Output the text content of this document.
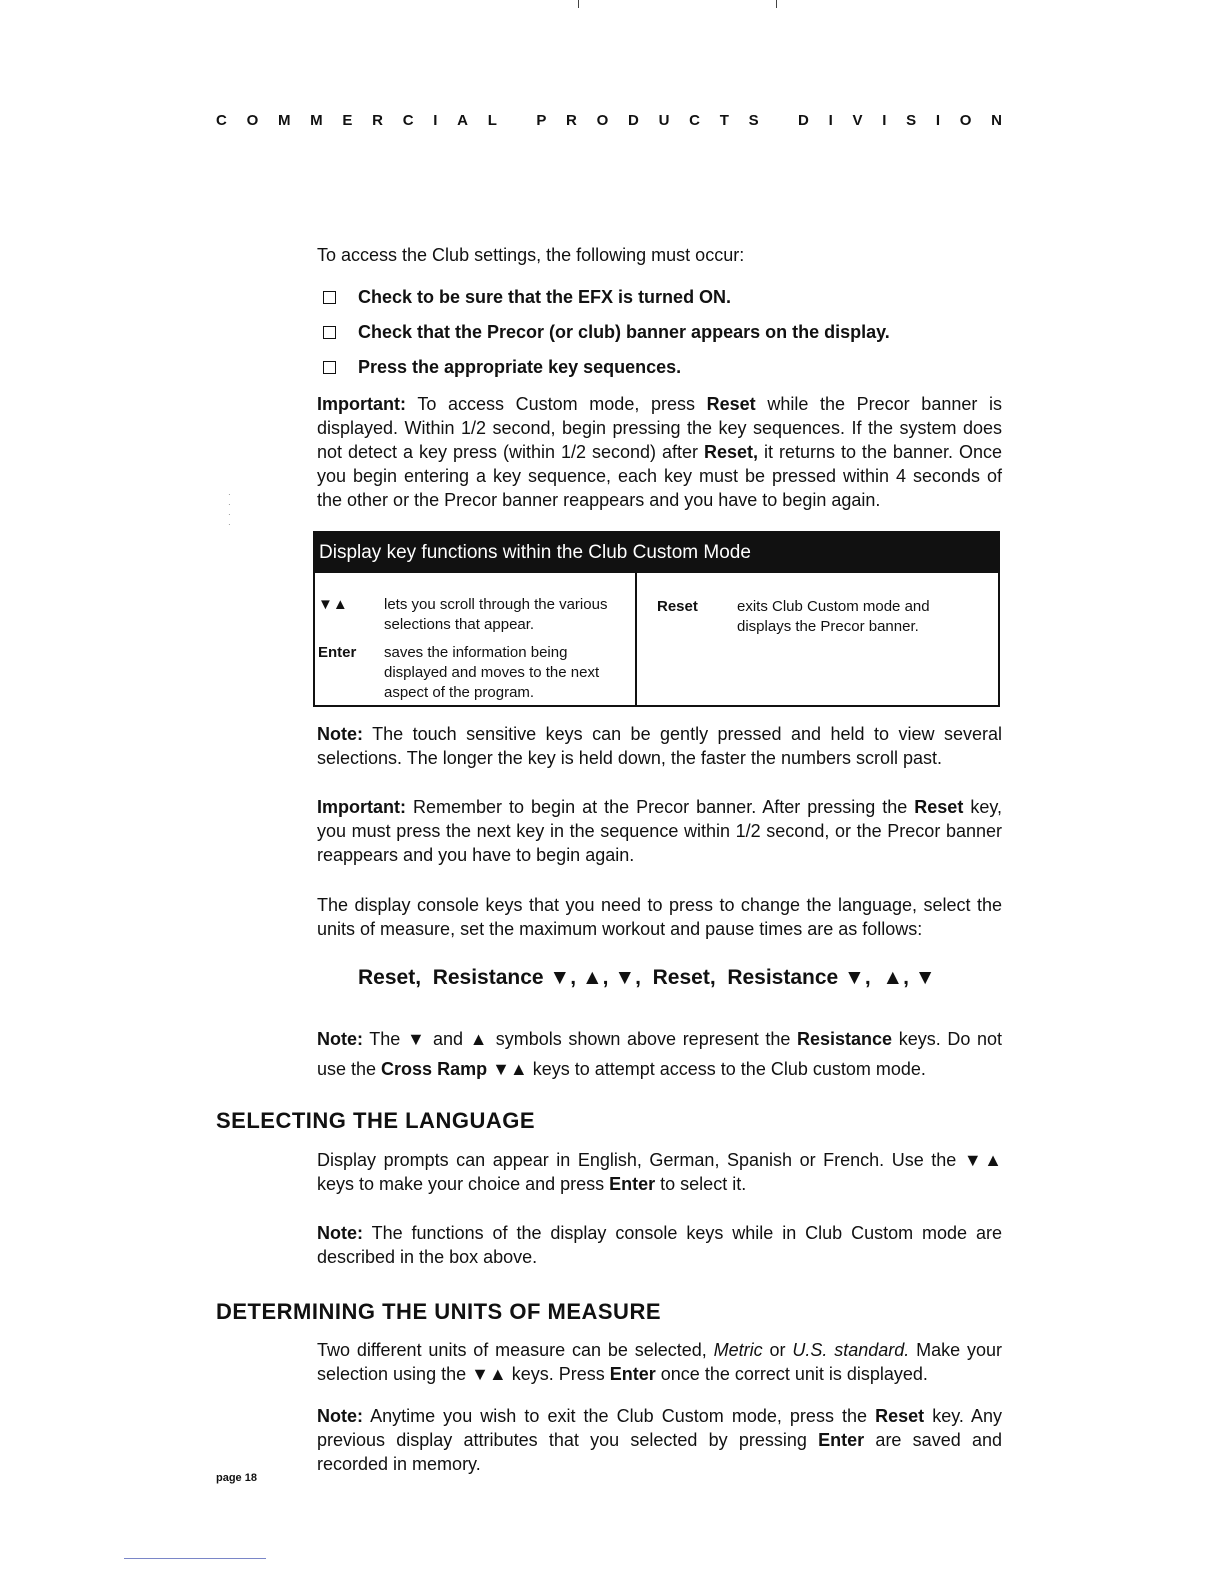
C O M M E R C I A L	P R O D U C T S	D I V I S I O N
·
·
·
·

To access the Club settings, the following must occur:

Check to be sure that the EFX is turned ON.
Check that the Precor (or club) banner appears on the display.
Press the appropriate key sequences.

Important: To access Custom mode, press Reset while the Precor banner is displayed. Within 1/2 second, begin pressing the key sequences. If the system does not detect a key press (within 1/2 second) after Reset, it returns to the banner. Once you begin entering a key sequence, each key must be pressed within 4 seconds of the other or the Precor banner reappears and you have to begin again.

Display key functions within the Club Custom Mode
▼▲	lets you scroll through the various selections that appear.
Enter	saves the information being displayed and moves to the next aspect of the program.
Reset	exits Club Custom mode and displays the Precor banner.

Note: The touch sensitive keys can be gently pressed and held to view several selections. The longer the key is held down, the faster the numbers scroll past.

Important: Remember to begin at the Precor banner. After pressing the Reset key, you must press the next key in the sequence within 1/2 second, or the Precor banner reappears and you have to begin again.

The display console keys that you need to press to change the language, select the units of measure, set the maximum workout and pause times are as follows:

Reset,  Resistance ▼, ▲, ▼,  Reset,  Resistance ▼,  ▲, ▼

Note: The ▼ and ▲ symbols shown above represent the Resistance keys. Do not use the Cross Ramp ▼▲ keys to attempt access to the Club custom mode.

SELECTING THE LANGUAGE

Display prompts can appear in English, German, Spanish or French. Use the ▼▲ keys to make your choice and press Enter to select it.

Note: The functions of the display console keys while in Club Custom mode are described in the box above.

DETERMINING THE UNITS OF MEASURE

Two different units of measure can be selected, Metric or U.S. standard. Make your selection using the ▼▲ keys. Press Enter once the correct unit is displayed.

Note: Anytime you wish to exit the Club Custom mode, press the Reset key. Any previous display attributes that you selected by pressing Enter are saved and recorded in memory.

page 18
